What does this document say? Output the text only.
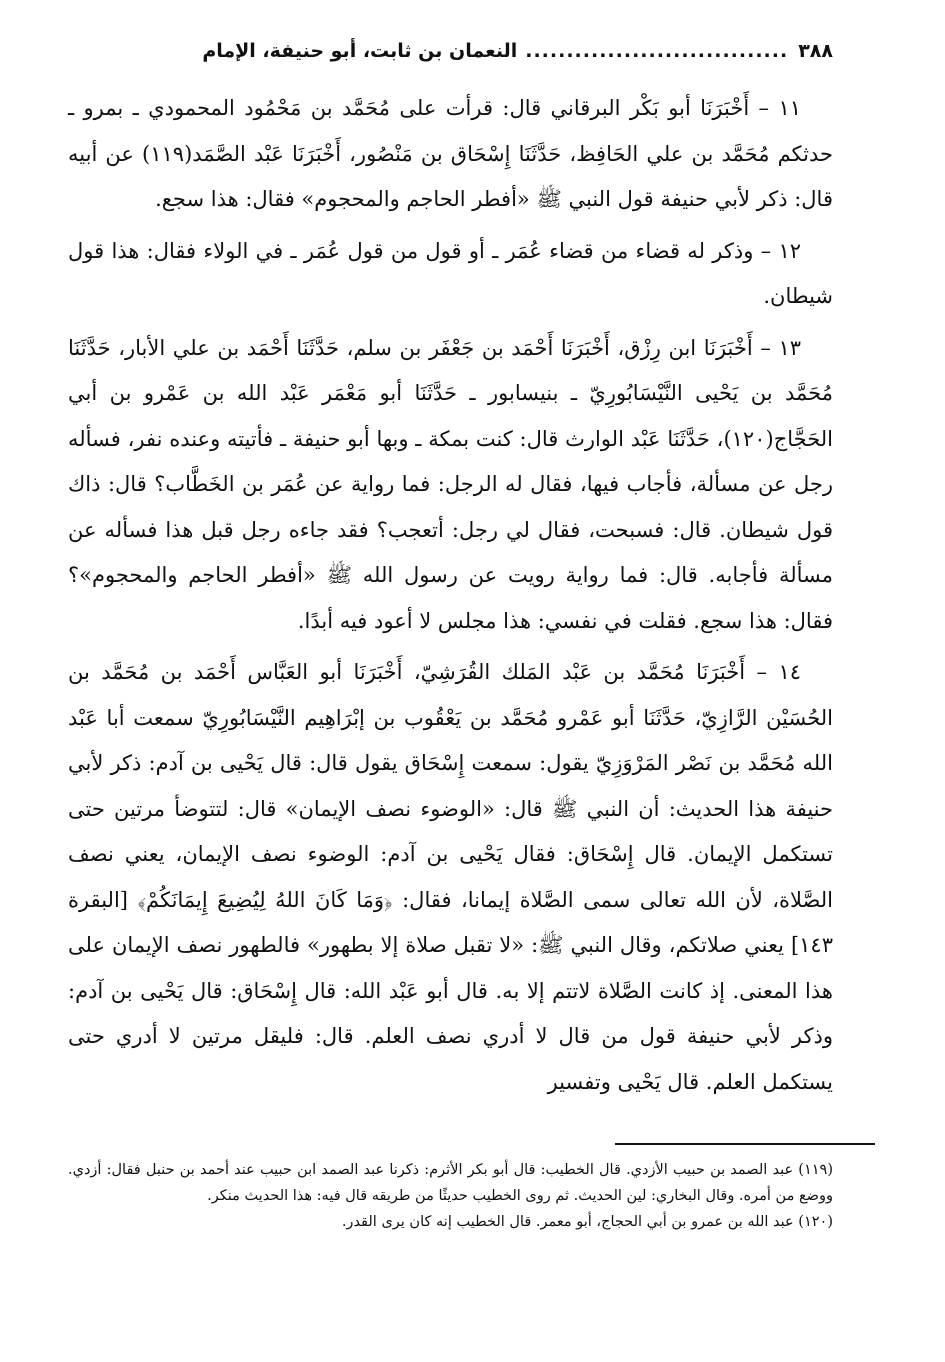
٣٨٨
................................
النعمان بن ثابت، أبو حنيفة، الإمام

١١ – أَخْبَرَنَا أبو بَكْر البرقاني قال: قرأت على مُحَمَّد بن مَحْمُود المحمودي ـ بمرو ـ حدثكم مُحَمَّد بن علي الحَافِظ، حَدَّثَنَا إِسْحَاق بن مَنْصُور، أَخْبَرَنَا عَبْد الصَّمَد(١١٩) عن أبيه قال: ذكر لأبي حنيفة قول النبي ﷺ «أفطر الحاجم والمحجوم» فقال: هذا سجع.

١٢ – وذكر له قضاء من قضاء عُمَر ـ أو قول من قول عُمَر ـ في الولاء فقال: هذا قول شيطان.

١٣ – أَخْبَرَنَا ابن رِزْق، أَخْبَرَنَا أَحْمَد بن جَعْفَر بن سلم، حَدَّثَنَا أَحْمَد بن علي الأبار، حَدَّثَنَا مُحَمَّد بن يَحْيى النَّيْسَابُورِيّ ـ بنيسابور ـ حَدَّثَنَا أبو مَعْمَر عَبْد الله بن عَمْرو بن أبي الحَجَّاج(١٢٠)، حَدَّثَنَا عَبْد الوارث قال: كنت بمكة ـ وبها أبو حنيفة ـ فأتيته وعنده نفر، فسأله رجل عن مسألة، فأجاب فيها، فقال له الرجل: فما رواية عن عُمَر بن الخَطَّاب؟ قال: ذاك قول شيطان. قال: فسبحت، فقال لي رجل: أتعجب؟ فقد جاءه رجل قبل هذا فسأله عن مسألة فأجابه. قال: فما رواية رويت عن رسول الله ﷺ «أفطر الحاجم والمحجوم»؟ فقال: هذا سجع. فقلت في نفسي: هذا مجلس لا أعود فيه أبدًا.

١٤ – أَخْبَرَنَا مُحَمَّد بن عَبْد المَلك القُرَشِيّ، أَخْبَرَنَا أبو العَبَّاس أَحْمَد بن مُحَمَّد بن الحُسَيْن الرَّازِيّ، حَدَّثَنَا أبو عَمْرو مُحَمَّد بن يَعْقُوب بن إبْرَاهِيم النَّيْسَابُورِيّ سمعت أبا عَبْد الله مُحَمَّد بن نَصْر المَرْوَزِيّ يقول: سمعت إِسْحَاق يقول قال: قال يَحْيى بن آدم: ذكر لأبي حنيفة هذا الحديث: أن النبي ﷺ قال: «الوضوء نصف الإيمان» قال: لتتوضأ مرتين حتى تستكمل الإيمان. قال إِسْحَاق: فقال يَحْيى بن آدم: الوضوء نصف الإيمان، يعني نصف الصَّلاة، لأن الله تعالى سمى الصَّلاة إيمانا، فقال: ﴿وَمَا كَانَ اللهُ لِيُضِيعَ إِيمَانَكُمْ﴾ [البقرة ١٤٣] يعني صلاتكم، وقال النبي ﷺ: «لا تقبل صلاة إلا بطهور» فالطهور نصف الإيمان على هذا المعنى. إذ كانت الصَّلاة لاتتم إلا به. قال أبو عَبْد الله: قال إِسْحَاق: قال يَحْيى بن آدم: وذكر لأبي حنيفة قول من قال لا أدري نصف العلم. قال: فليقل مرتين لا أدري حتى يستكمل العلم. قال يَحْيى وتفسير

(١١٩) عبد الصمد بن حبيب الأزدي. قال الخطيب: قال أبو بكر الأثرم: ذكرنا عبد الصمد ابن حبيب عند أحمد بن حنبل فقال: أزدي. ووضع من أمره. وقال البخاري: لين الحديث. ثم روى الخطيب حديثًا من طريقه قال فيه: هذا الحديث منكر.

(١٢٠) عبد الله بن عمرو بن أبي الحجاج، أبو معمر. قال الخطيب إنه كان يرى القدر.
